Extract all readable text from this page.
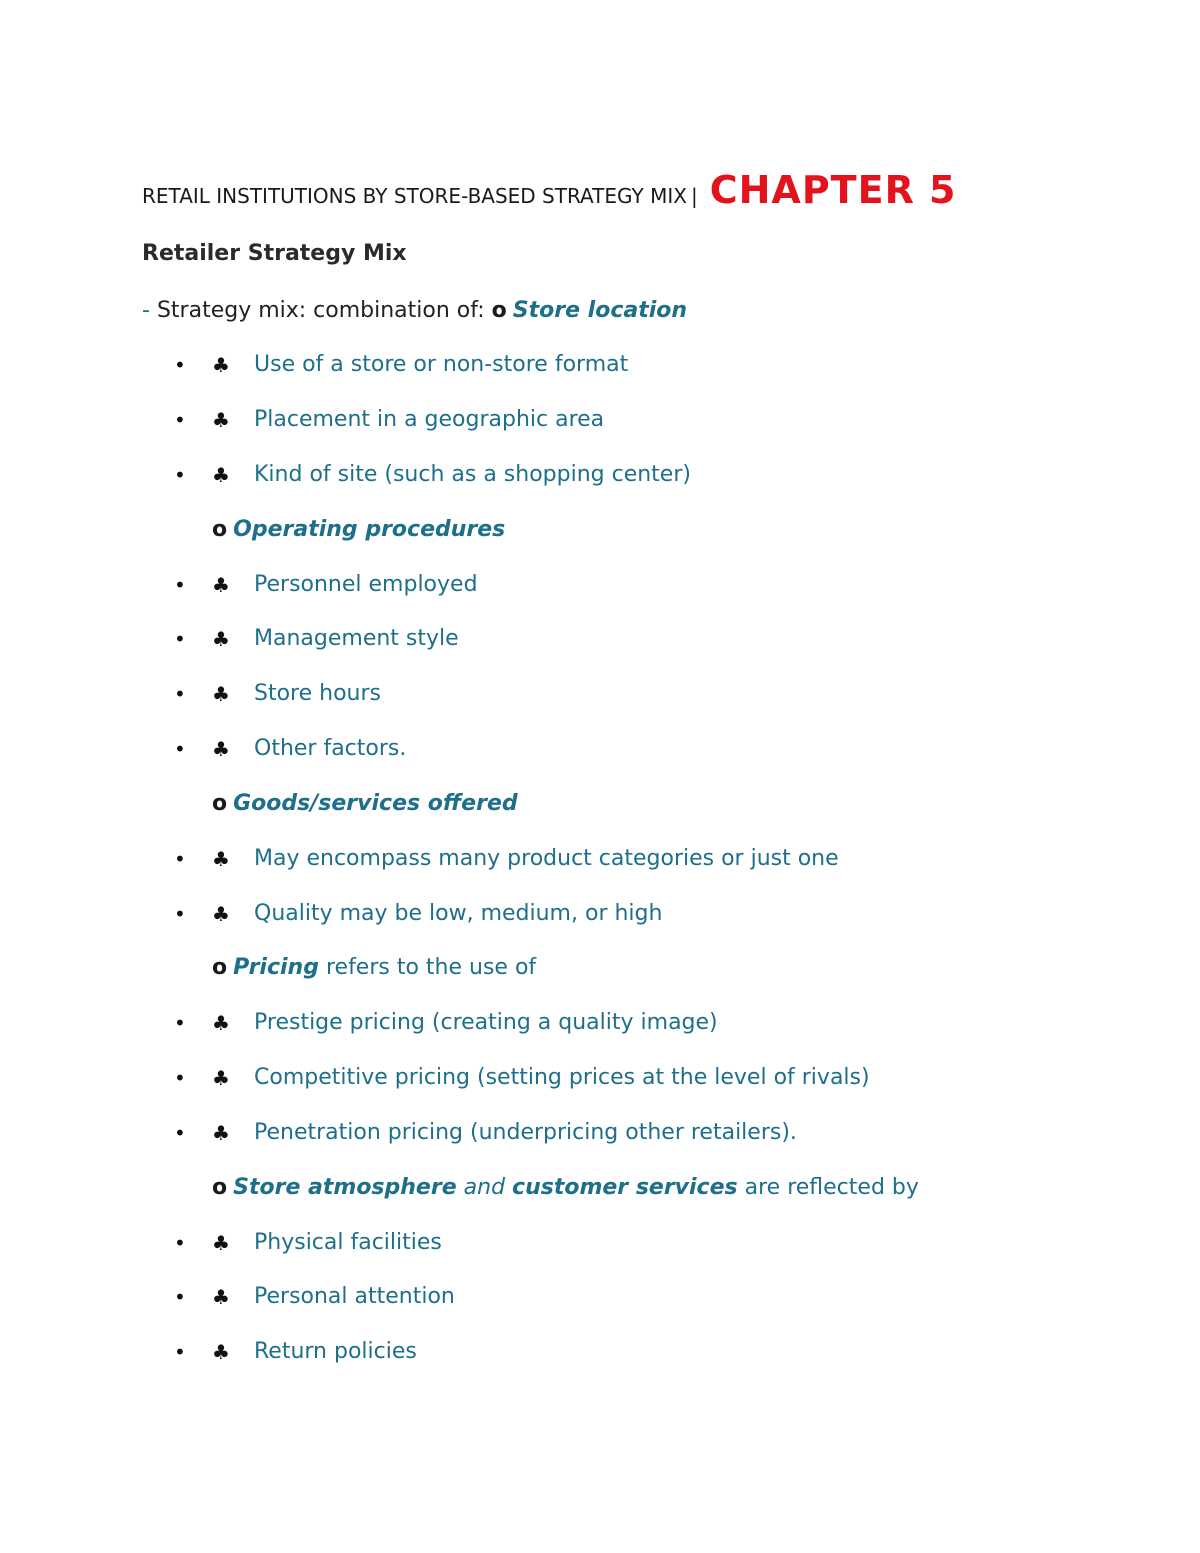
RETAIL INSTITUTIONS BY STORE-BASED STRATEGY MIX | CHAPTER 5
Retailer Strategy Mix
- Strategy mix: combination of: o Store location
• ♣ Use of a store or non-store format
• ♣ Placement in a geographic area
• ♣ Kind of site (such as a shopping center)
o Operating procedures
• ♣ Personnel employed
• ♣ Management style
• ♣ Store hours
• ♣ Other factors.
o Goods/services offered
• ♣ May encompass many product categories or just one
• ♣ Quality may be low, medium, or high
o Pricing refers to the use of
• ♣ Prestige pricing (creating a quality image)
• ♣ Competitive pricing (setting prices at the level of rivals)
• ♣ Penetration pricing (underpricing other retailers).
o Store atmosphere and customer services are reflected by
• ♣ Physical facilities
• ♣ Personal attention
• ♣ Return policies
